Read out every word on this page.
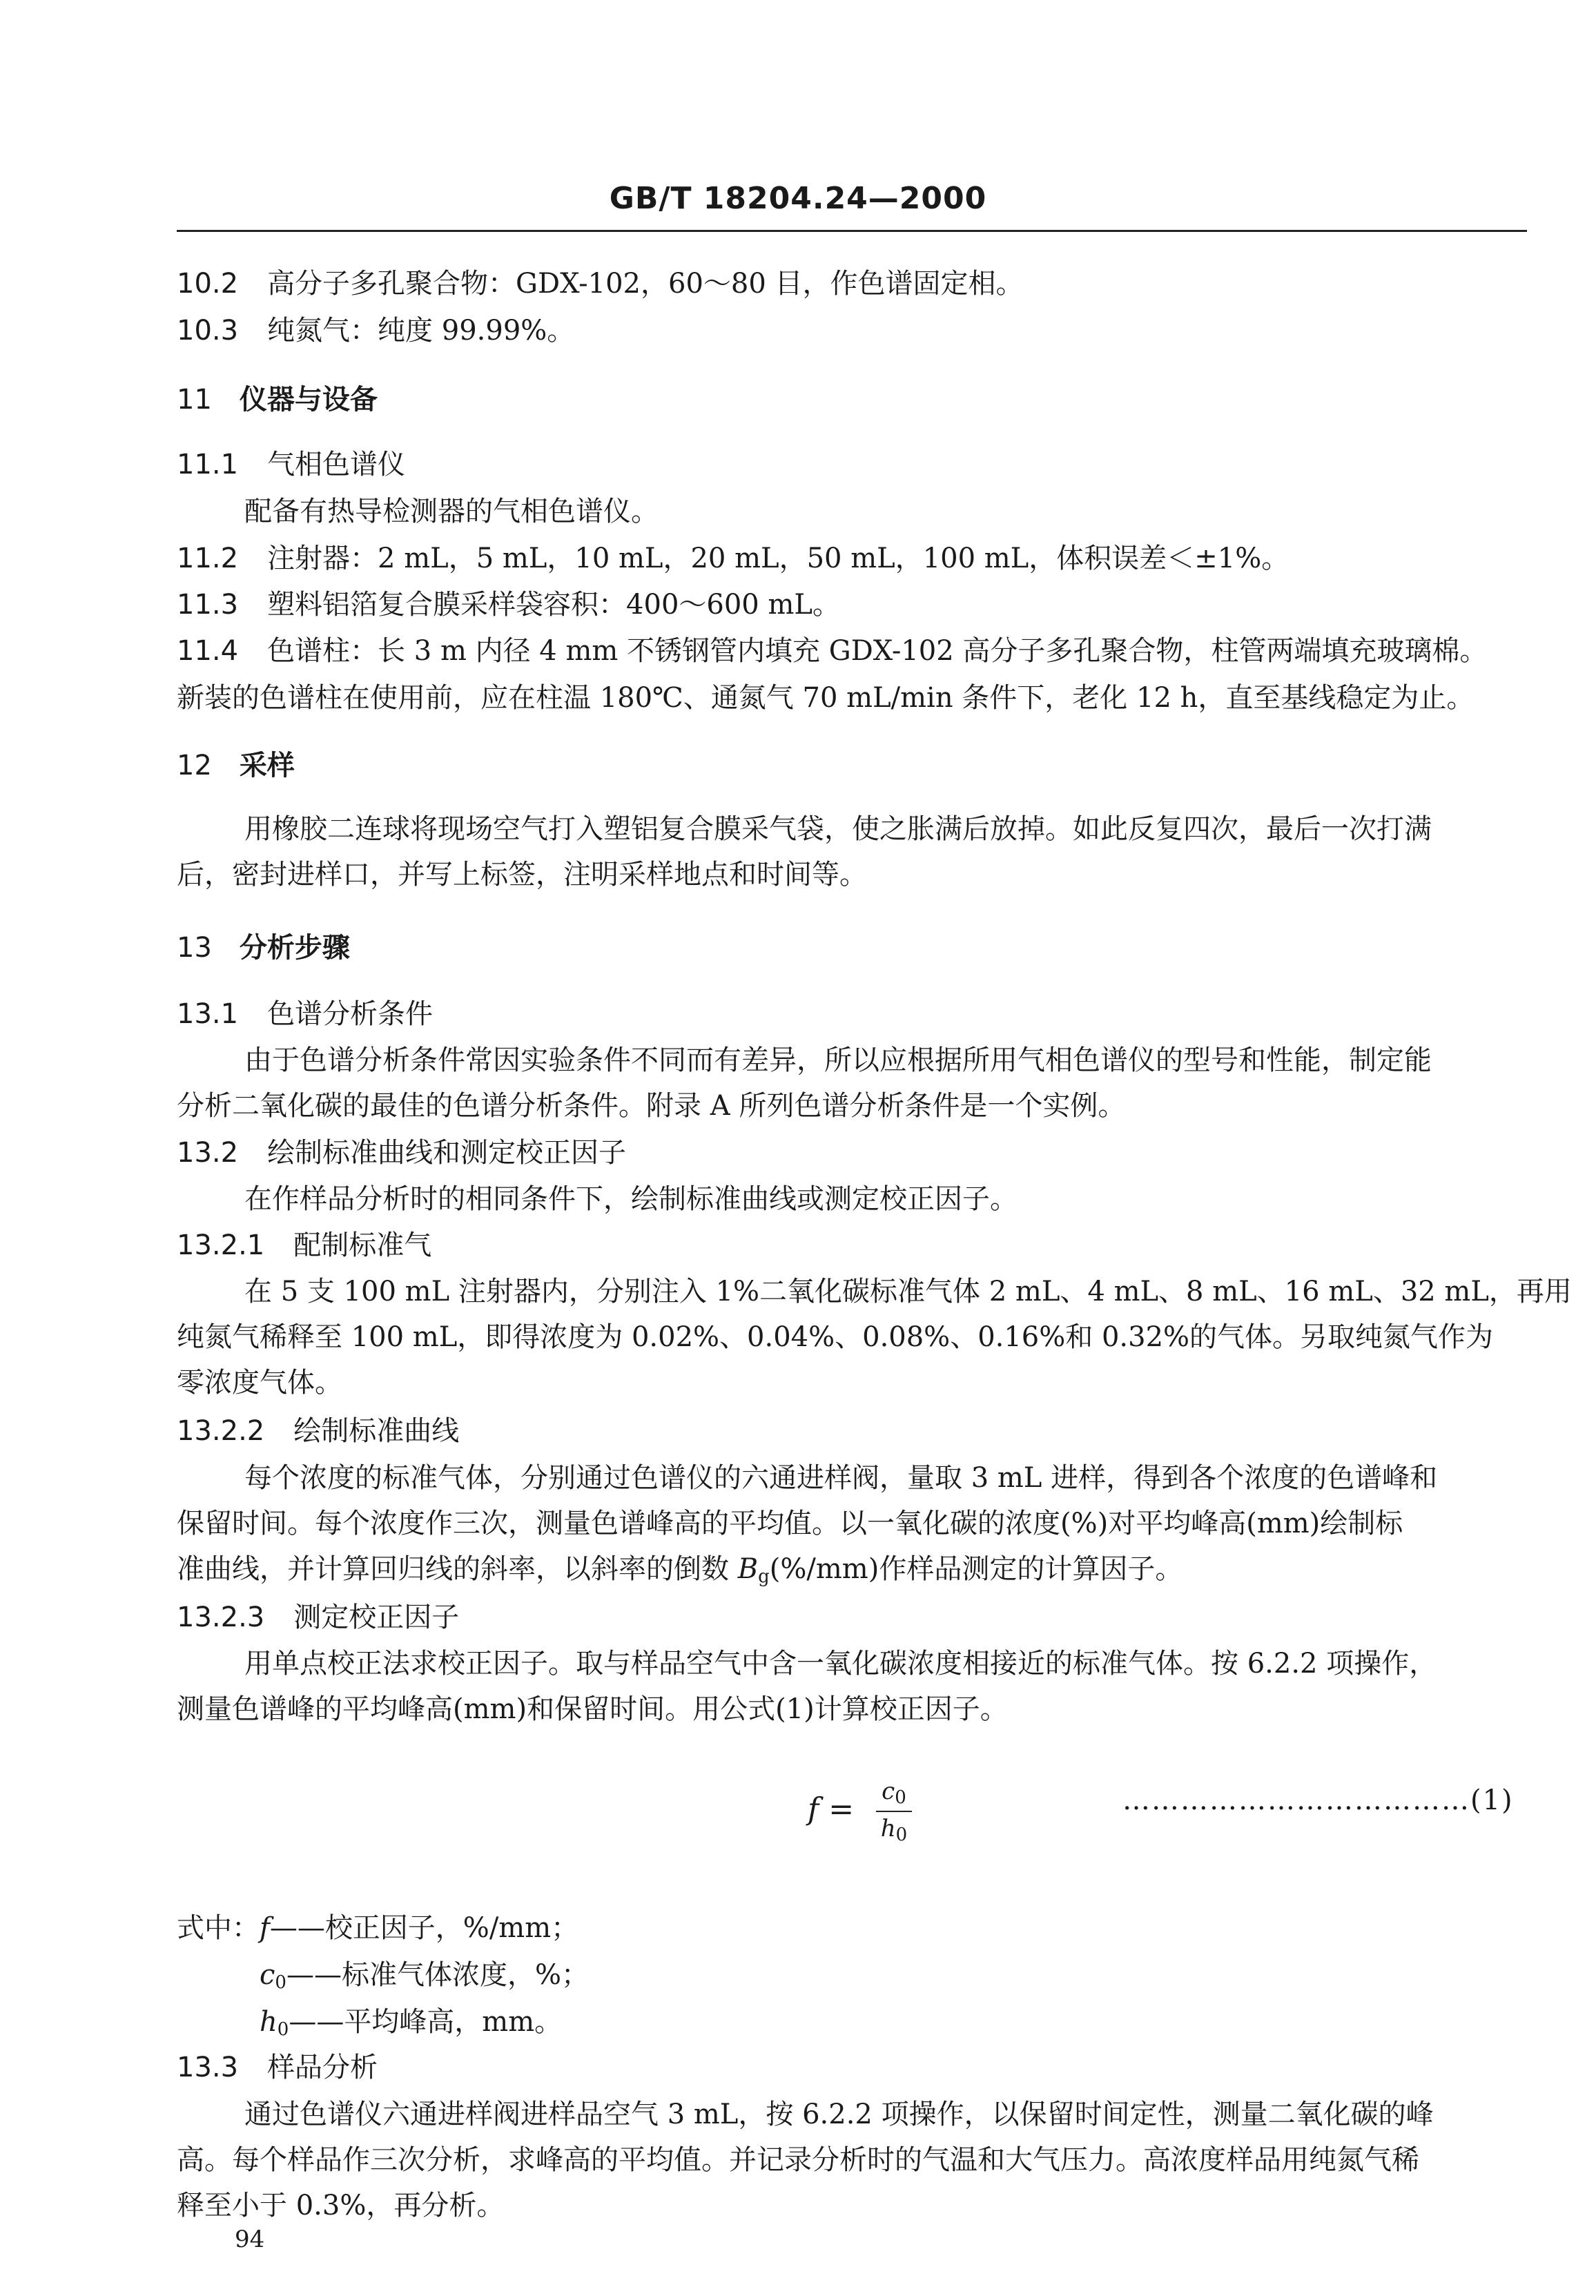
GB/T 18204.24—2000
10.2 高分子多孔聚合物：GDX-102，60～80 目，作色谱固定相。
10.3 纯氮气：纯度 99.99%。
11 仪器与设备
11.1 气相色谱仪
配备有热导检测器的气相色谱仪。
11.2 注射器：2 mL，5 mL，10 mL，20 mL，50 mL，100 mL，体积误差＜±1%。
11.3 塑料铝箔复合膜采样袋容积：400～600 mL。
11.4 色谱柱：长 3 m 内径 4 mm 不锈钢管内填充 GDX-102 高分子多孔聚合物，柱管两端填充玻璃棉。
新装的色谱柱在使用前，应在柱温 180℃、通氮气 70 mL/min 条件下，老化 12 h，直至基线稳定为止。
12 采样
用橡胶二连球将现场空气打入塑铝复合膜采气袋，使之胀满后放掉。如此反复四次，最后一次打满
后，密封进样口，并写上标签，注明采样地点和时间等。
13 分析步骤
13.1 色谱分析条件
由于色谱分析条件常因实验条件不同而有差异，所以应根据所用气相色谱仪的型号和性能，制定能
分析二氧化碳的最佳的色谱分析条件。附录 A 所列色谱分析条件是一个实例。
13.2 绘制标准曲线和测定校正因子
在作样品分析时的相同条件下，绘制标准曲线或测定校正因子。
13.2.1 配制标准气
在 5 支 100 mL 注射器内，分别注入 1%二氧化碳标准气体 2 mL、4 mL、8 mL、16 mL、32 mL，再用
纯氮气稀释至 100 mL，即得浓度为 0.02%、0.04%、0.08%、0.16%和 0.32%的气体。另取纯氮气作为
零浓度气体。
13.2.2 绘制标准曲线
每个浓度的标准气体，分别通过色谱仪的六通进样阀，量取 3 mL 进样，得到各个浓度的色谱峰和
保留时间。每个浓度作三次，测量色谱峰高的平均值。以一氧化碳的浓度(%)对平均峰高(mm)绘制标
准曲线，并计算回归线的斜率，以斜率的倒数 $B_g(\%/mm)$作样品测定的计算因子。
13.2.3 测定校正因子
用单点校正法求校正因子。取与样品空气中含一氧化碳浓度相接近的标准气体。按 6.2.2 项操作，
测量色谱峰的平均峰高(mm)和保留时间。用公式(1)计算校正因子。
$f = \frac{c_0}{h_0}$	………………………………(1)
式中：f——校正因子，%/mm；
$c_0——$标准气体浓度，%；
$h_0——$平均峰高，mm。
13.3 样品分析
通过色谱仪六通进样阀进样品空气 3 mL，按 6.2.2 项操作，以保留时间定性，测量二氧化碳的峰
高。每个样品作三次分析，求峰高的平均值。并记录分析时的气温和大气压力。高浓度样品用纯氮气稀
释至小于 0.3%，再分析。
94
